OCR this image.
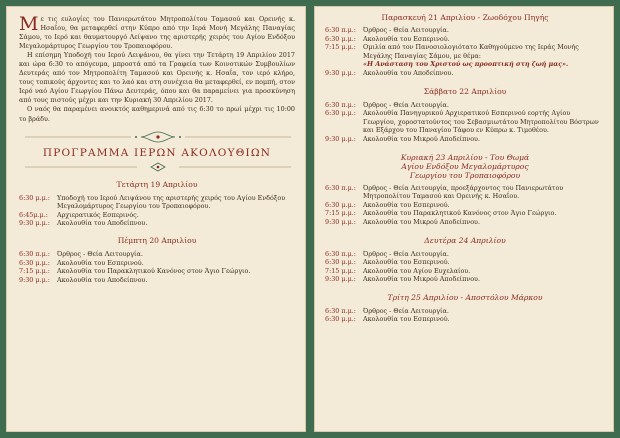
Με τις ευλογίες του Πανιερωτάτου Μητροπολίτου Ταμασού και Ορεινής κ. Ησαΐου, θα μεταφερθεί στην Κύπρο από την Ιερά Μονή Μεγάλης Παναγίας Σάμου, το Ιερό και θαυματουργό Λείψανο της αριστερής χειρός του Αγίου Ενδόξου Μεγαλομάρτυρος Γεωργίου του Τροπαιοφόρου.

Η επίσημη Υποδοχή του Ιερού Λειψάνου, θα γίνει την Τετάρτη 19 Απριλίου 2017 και ώρα 6:30 το απόγευμα, μπροστά από τα Γραφεία των Κοινοτικών Συμβουλίων Δευτεράς από τον Μητροπολίτη Ταμασού και Ορεινής κ. Ησαΐα, τον ιερό κλήρο, τους τοπικούς άρχοντες και το λαό και στη συνέχεια θα μεταφερθεί, εν πομπή, στον Ιερό ναό Αγίου Γεωργίου Πάνω Δευτεράς, όπου και θα παραμείνει για προσκύνηση από τους πιστούς μέχρι και την Κυριακή 30 Απριλίου 2017.

Ο ναός θα παραμένει ανοικτός καθημερινά από τις 6:30 το πρωί μέχρι τις 10:00 το βράδυ.

ΠΡΟΓΡΑΜΜΑ ΙΕΡΩΝ ΑΚΟΛΟΥΘΙΩΝ
Τετάρτη 19 Απριλίου
6:30 μ.μ.:	Υποδοχή του Ιερού Λειψάνου της αριστερής χειρός του Αγίου Ενδόξου Μεγαλομάρτυρος Γεωργίου του Τροπαιοφόρου.
6:45μ.μ.:	Αρχιερατικός Εσπερινός.
9:30 μ.μ.:	Ακολουθία του Αποδείπνου.
Πέμπτη 20 Απριλίου
6:30 π.μ.:	Όρθρος - Θεία Λειτουργία.
6:30 μ.μ.:	Ακολουθία του Εσπερινού.
7:15 μ.μ.:	Ακολουθία του Παρακλητικού Κανόνος στον Άγιο Γεώργιο.
9:30 μ.μ.:	Ακολουθία του Αποδείπνου.
Παρασκευή 21 Απριλίου - Ζωοδόχου Πηγής
6:30 π.μ.:	Όρθρος - Θεία Λειτουργία.
6:30 μ.μ.:	Ακολουθία του Εσπερινού.
7:15 μ.μ.:	Ομιλία από τον Πανοσιολογιότατο Καθηγούμενο της Ιεράς Μονής Μεγάλης Παναγίας Σάμου, με θέμα:
«Η Ανάσταση του Χριστού ως προοπτική στη ζωή μας».
9:30 μ.μ.:	Ακολουθία του Αποδείπνου.
Σάββατο 22 Απριλίου
6:30 π.μ.:	Όρθρος - Θεία Λειτουργία.
6:30 μ.μ.:	Ακολουθία Πανηγυρικού Αρχιερατικού Εσπερινού εορτής Αγίου Γεωργίου, χοροστατούντος του Σεβασμιωτάτου Μητροπολίτου Βόστρων και Εξάρχου του Παναγίου Τάφου εν Κύπρω κ. Τιμοθέου.
9:30 μ.μ.:	Ακολουθία του Μικρού Αποδείπνου.
Κυριακή 23 Απριλίου - Του Θωμά
Αγίου Ενδόξου Μεγαλομάρτυρος
Γεωργίου του Τροπαιοφόρου
6:30 π.μ.:	Όρθρος - Θεία Λειτουργία, προεξάρχοντος του Πανιερωτάτου Μητροπολίτου Ταμασού και Ορεινής κ. Ησαΐου.
6:30 μ.μ.:	Ακολουθία του Εσπερινού.
7:15 μ.μ.:	Ακολουθία του Παρακλητικού Κανόνος στον Άγιο Γεώργιο.
9:30 μ.μ.:	Ακολουθία του Μικρού Αποδείπνου.
Δευτέρα 24 Απριλίου
6:30 π.μ.:	Όρθρος - Θεία Λειτουργία.
6:30 μ.μ.:	Ακολουθία του Εσπερινού.
7:15 μ.μ.:	Ακολουθία του Αγίου Ευχελαίου.
9:30 μ.μ.:	Ακολουθία του Μικρού Αποδείπνου.
Τρίτη 25 Απριλίου - Αποστόλου Μάρκου
6:30 π.μ.:	Όρθρος - Θεία Λειτουργία.
6:30 μ.μ.:	Ακολουθία του Εσπερινού.
